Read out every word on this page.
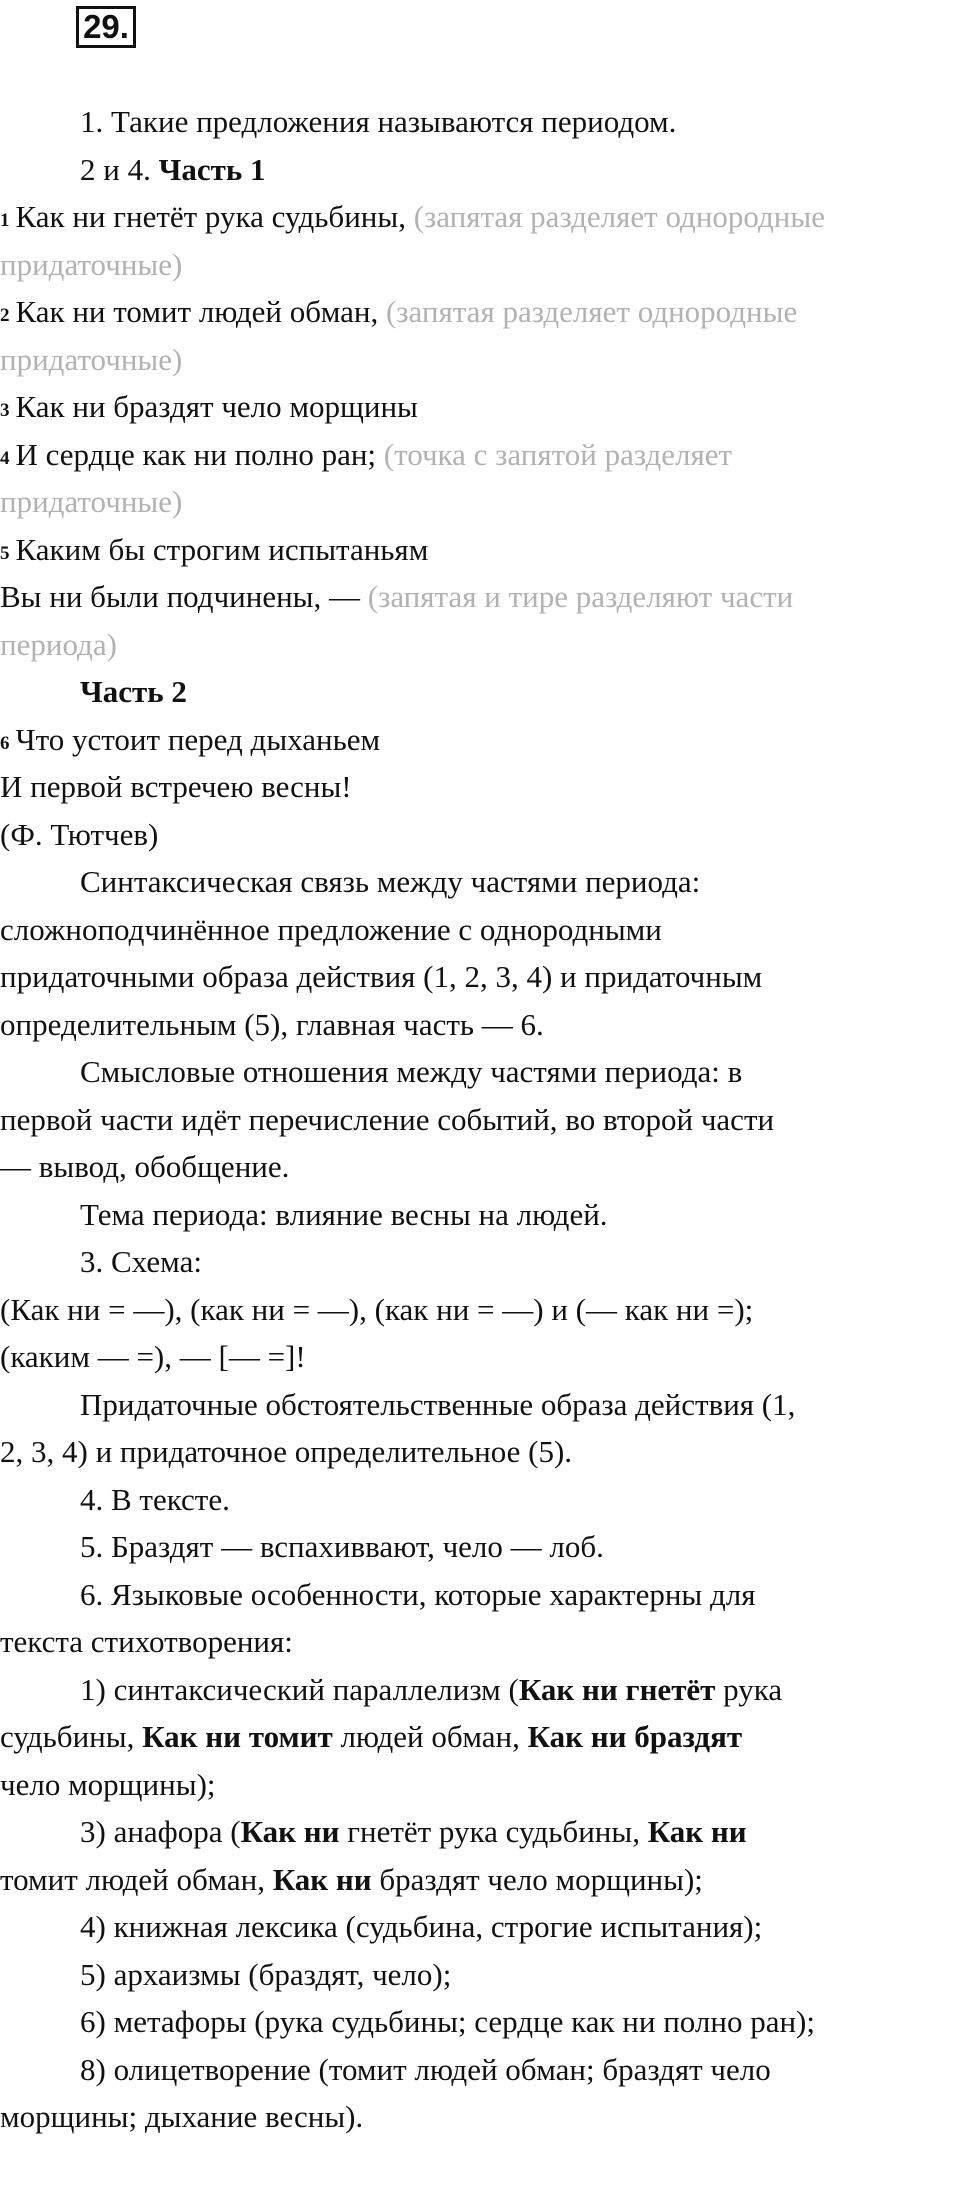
29.
1. Такие предложения называются периодом.
2 и 4. Часть 1
1 Как ни гнетёт рука судьбины, (запятая разделяет однородные
придаточные)
2 Как ни томит людей обман, (запятая разделяет однородные
придаточные)
3 Как ни браздят чело морщины
4 И сердце как ни полно ран; (точка с запятой разделяет
придаточные)
5 Каким бы строгим испытаньям
Вы ни были подчинены, — (запятая и тире разделяют части
периода)
Часть 2
6 Что устоит перед дыханьем
И первой встречею весны!
(Ф. Тютчев)
Синтаксическая связь между частями периода:
сложноподчинённое предложение с однородными
придаточными образа действия (1, 2, 3, 4) и придаточным
определительным (5), главная часть — 6.
Смысловые отношения между частями периода: в
первой части идёт перечисление событий, во второй части
— вывод, обобщение.
Тема периода: влияние весны на людей.
3. Схема:
(Как ни = —), (как ни = —), (как ни = —) и (— как ни =);
(каким — =), — [— =]!
Придаточные обстоятельственные образа действия (1,
2, 3, 4) и придаточное определительное (5).
4. В тексте.
5. Браздят — вспахиввают, чело — лоб.
6. Языковые особенности, которые характерны для
текста стихотворения:
1) синтаксический параллелизм (Как ни гнетёт рука
судьбины, Как ни томит людей обман, Как ни браздят
чело морщины);
3) анафора (Как ни гнетёт рука судьбины, Как ни
томит людей обман, Как ни браздят чело морщины);
4) книжная лексика (судьбина, строгие испытания);
5) архаизмы (браздят, чело);
6) метафоры (рука судьбины; сердце как ни полно ран);
8) олицетворение (томит людей обман; браздят чело
морщины; дыхание весны).
